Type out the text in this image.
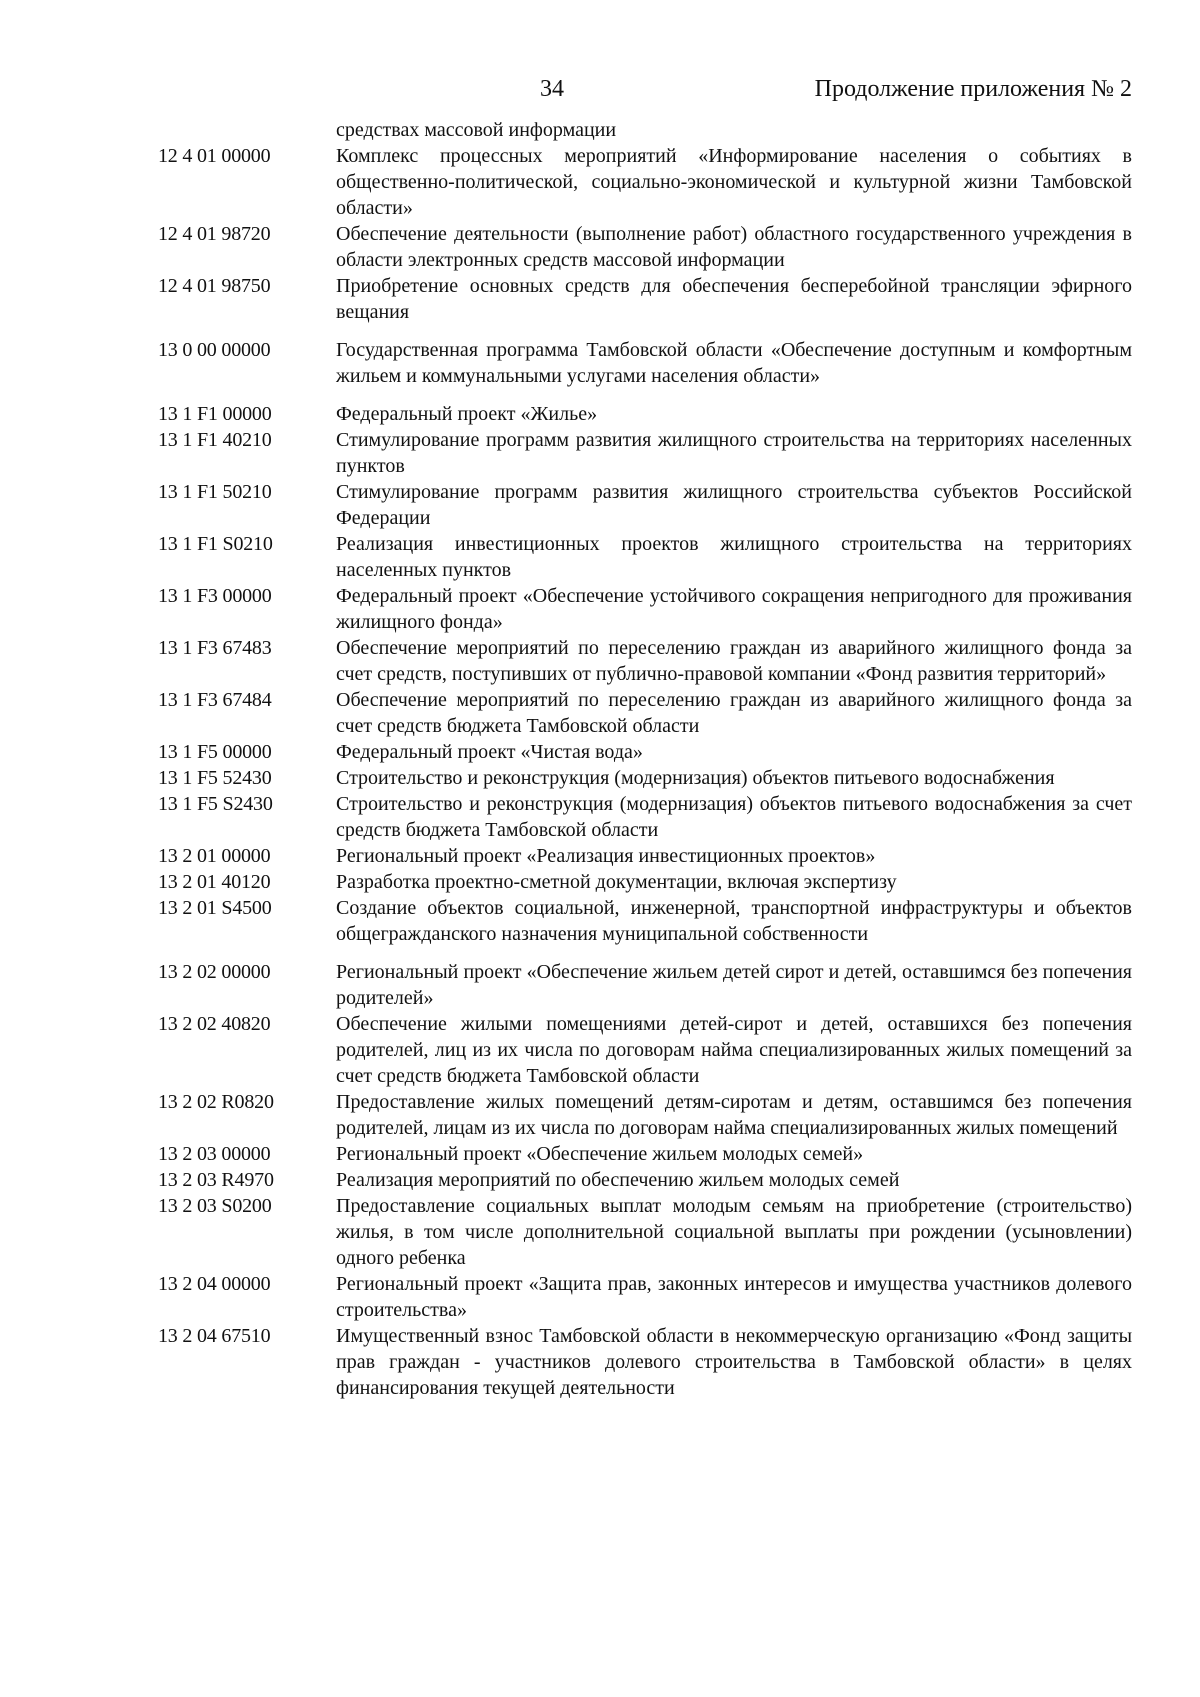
34	Продолжение приложения № 2
средствах массовой информации
12 4 01 00000	Комплекс процессных мероприятий «Информирование населения о событиях в общественно-политической, социально-экономической и культурной жизни Тамбовской области»
12 4 01 98720	Обеспечение деятельности (выполнение работ) областного государственного учреждения в области электронных средств массовой информации
12 4 01 98750	Приобретение основных средств для обеспечения бесперебойной трансляции эфирного вещания
13 0 00 00000	Государственная программа Тамбовской области «Обеспечение доступным и комфортным жильем и коммунальными услугами населения области»
13 1 F1 00000	Федеральный проект «Жилье»
13 1 F1 40210	Стимулирование программ развития жилищного строительства на территориях населенных пунктов
13 1 F1 50210	Стимулирование программ развития жилищного строительства субъектов Российской Федерации
13 1 F1 S0210	Реализация инвестиционных проектов жилищного строительства на территориях населенных пунктов
13 1 F3 00000	Федеральный проект «Обеспечение устойчивого сокращения непригодного для проживания жилищного фонда»
13 1 F3 67483	Обеспечение мероприятий по переселению граждан из аварийного жилищного фонда за счет средств, поступивших от публично-правовой компании «Фонд развития территорий»
13 1 F3 67484	Обеспечение мероприятий по переселению граждан из аварийного жилищного фонда за счет средств бюджета Тамбовской области
13 1 F5 00000	Федеральный проект «Чистая вода»
13 1 F5 52430	Строительство и реконструкция (модернизация) объектов питьевого водоснабжения
13 1 F5 S2430	Строительство и реконструкция (модернизация) объектов питьевого водоснабжения за счет средств бюджета Тамбовской области
13 2 01 00000	Региональный проект «Реализация инвестиционных проектов»
13 2 01 40120	Разработка проектно-сметной документации, включая экспертизу
13 2 01 S4500	Создание объектов социальной, инженерной, транспортной инфраструктуры и объектов общегражданского назначения муниципальной собственности
13 2 02 00000	Региональный проект «Обеспечение жильем детей сирот и детей, оставшимся без попечения родителей»
13 2 02 40820	Обеспечение жилыми помещениями детей-сирот и детей, оставшихся без попечения родителей, лиц из их числа по договорам найма специализированных жилых помещений за счет средств бюджета Тамбовской области
13 2 02 R0820	Предоставление жилых помещений детям-сиротам и детям, оставшимся без попечения родителей, лицам из их числа по договорам найма специализированных жилых помещений
13 2 03 00000	Региональный проект «Обеспечение жильем молодых семей»
13 2 03 R4970	Реализация мероприятий по обеспечению жильем молодых семей
13 2 03 S0200	Предоставление социальных выплат молодым семьям на приобретение (строительство) жилья, в том числе дополнительной социальной выплаты при рождении (усыновлении) одного ребенка
13 2 04 00000	Региональный проект «Защита прав, законных интересов и имущества участников долевого строительства»
13 2 04 67510	Имущественный взнос Тамбовской области в некоммерческую организацию «Фонд защиты прав граждан - участников долевого строительства в Тамбовской области» в целях финансирования текущей деятельности
